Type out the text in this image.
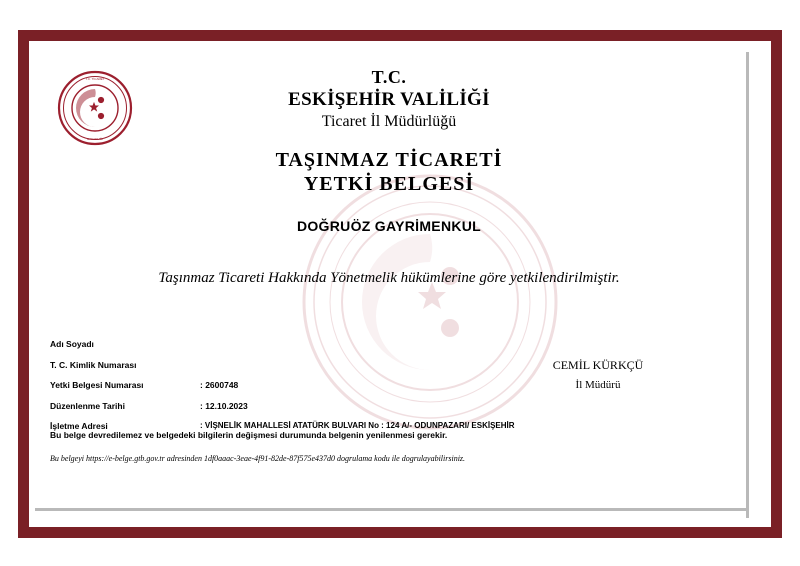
T.C. TİCARET
BAKANLIĞI
T.C.
ESKİŞEHİR VALİLİĞİ
Ticaret İl Müdürlüğü
TAŞINMAZ TİCARETİ
YETKİ BELGESİ
DOĞRUÖZ GAYRİMENKUL
Taşınmaz Ticareti Hakkında Yönetmelik hükümlerine göre yetkilendirilmiştir.
Adı Soyadı
T. C. Kimlik Numarası
Yetki Belgesi Numarası	: 2600748
Düzenlenme Tarihi	: 12.10.2023
İşletme Adresi	: VİŞNELİK MAHALLESİ ATATÜRK BULVARI No : 124 A/- ODUNPAZARI/ ESKİŞEHİR
Bu belge devredilemez ve belgedeki bilgilerin değişmesi durumunda belgenin yenilenmesi gerekir.
Bu belgeyi https://e-belge.gtb.gov.tr adresinden 1df0aaac-3eae-4f91-82de-87f575e437d0 dogrulama kodu ile dogrulayabilirsiniz.
CEMİL KÜRKÇÜ
İl Müdürü
